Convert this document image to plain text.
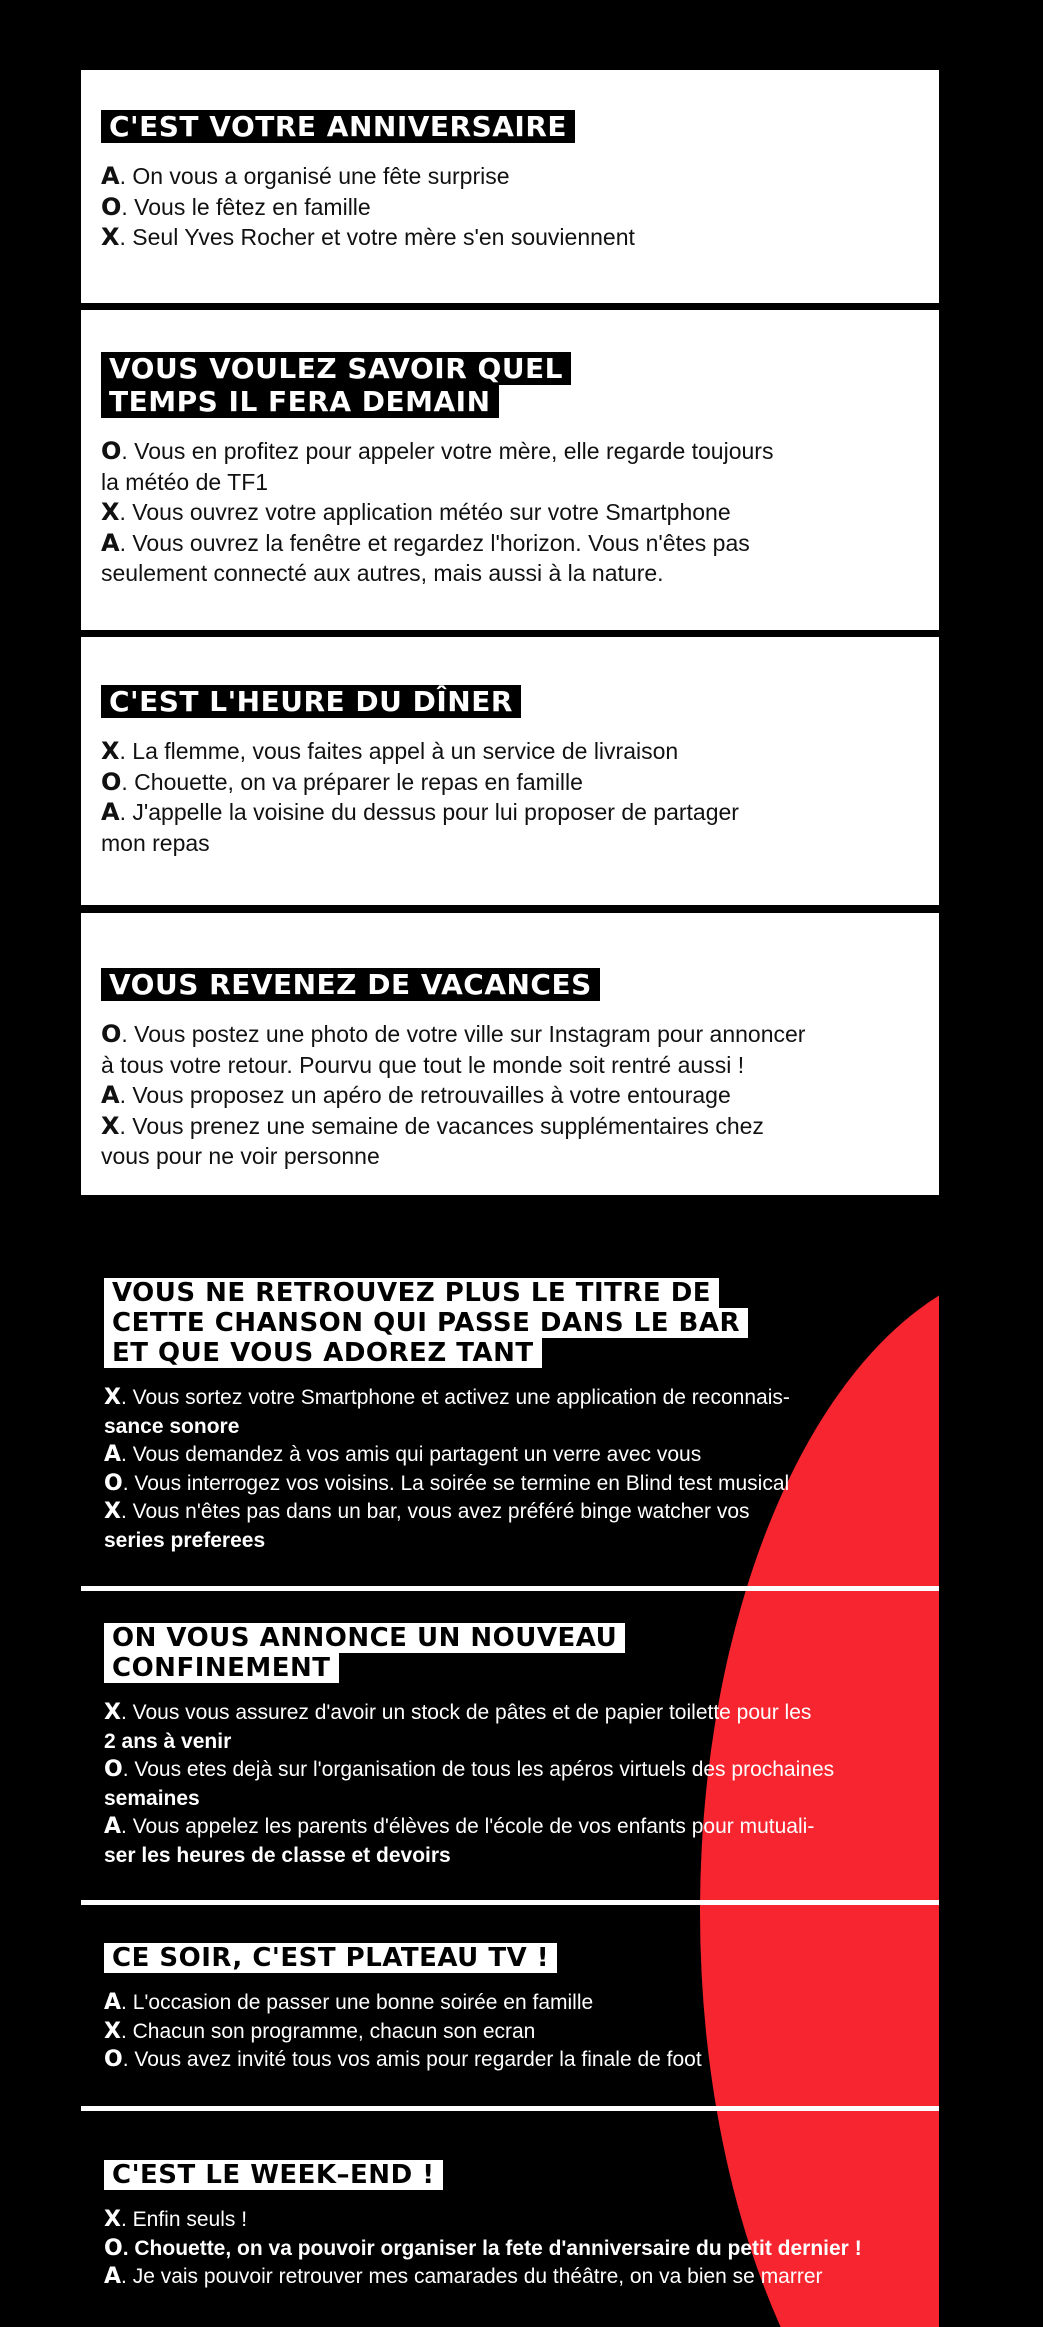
C'EST VOTRE ANNIVERSAIRE
A. On vous a organisé une fête surprise
O. Vous le fêtez en famille
X. Seul Yves Rocher et votre mère s'en souviennent
VOUS VOULEZ SAVOIR QUEL
TEMPS IL FERA DEMAIN
O. Vous en profitez pour appeler votre mère, elle regarde toujours
la météo de TF1
X. Vous ouvrez votre application météo sur votre Smartphone
A. Vous ouvrez la fenêtre et regardez l'horizon. Vous n'êtes pas
seulement connecté aux autres, mais aussi à la nature.
C'EST L'HEURE DU DÎNER
X. La flemme, vous faites appel à un service de livraison
O. Chouette, on va préparer le repas en famille
A. J'appelle la voisine du dessus pour lui proposer de partager
mon repas
VOUS REVENEZ DE VACANCES
O. Vous postez une photo de votre ville sur Instagram pour annoncer
à tous votre retour. Pourvu que tout le monde soit rentré aussi !
A. Vous proposez un apéro de retrouvailles à votre entourage
X. Vous prenez une semaine de vacances supplémentaires chez
vous pour ne voir personne
VOUS NE RETROUVEZ PLUS LE TITRE DE
CETTE CHANSON QUI PASSE DANS LE BAR
ET QUE VOUS ADOREZ TANT
X. Vous sortez votre Smartphone et activez une application de reconnais-
sance sonore
A. Vous demandez à vos amis qui partagent un verre avec vous
O. Vous interrogez vos voisins. La soirée se termine en Blind test musical
X. Vous n'êtes pas dans un bar, vous avez préféré binge watcher vos
series preferees
ON VOUS ANNONCE UN NOUVEAU
CONFINEMENT
X. Vous vous assurez d'avoir un stock de pâtes et de papier toilette pour les
2 ans à venir
O. Vous etes dejà sur l'organisation de tous les apéros virtuels des prochaines
semaines
A. Vous appelez les parents d'élèves de l'école de vos enfants pour mutuali-
ser les heures de classe et devoirs
CE SOIR, C'EST PLATEAU TV !
A. L'occasion de passer une bonne soirée en famille
X. Chacun son programme, chacun son ecran
O. Vous avez invité tous vos amis pour regarder la finale de foot
C'EST LE WEEK–END !
X. Enfin seuls !
O. Chouette, on va pouvoir organiser la fete d'anniversaire du petit dernier !
A. Je vais pouvoir retrouver mes camarades du théâtre, on va bien se marrer
